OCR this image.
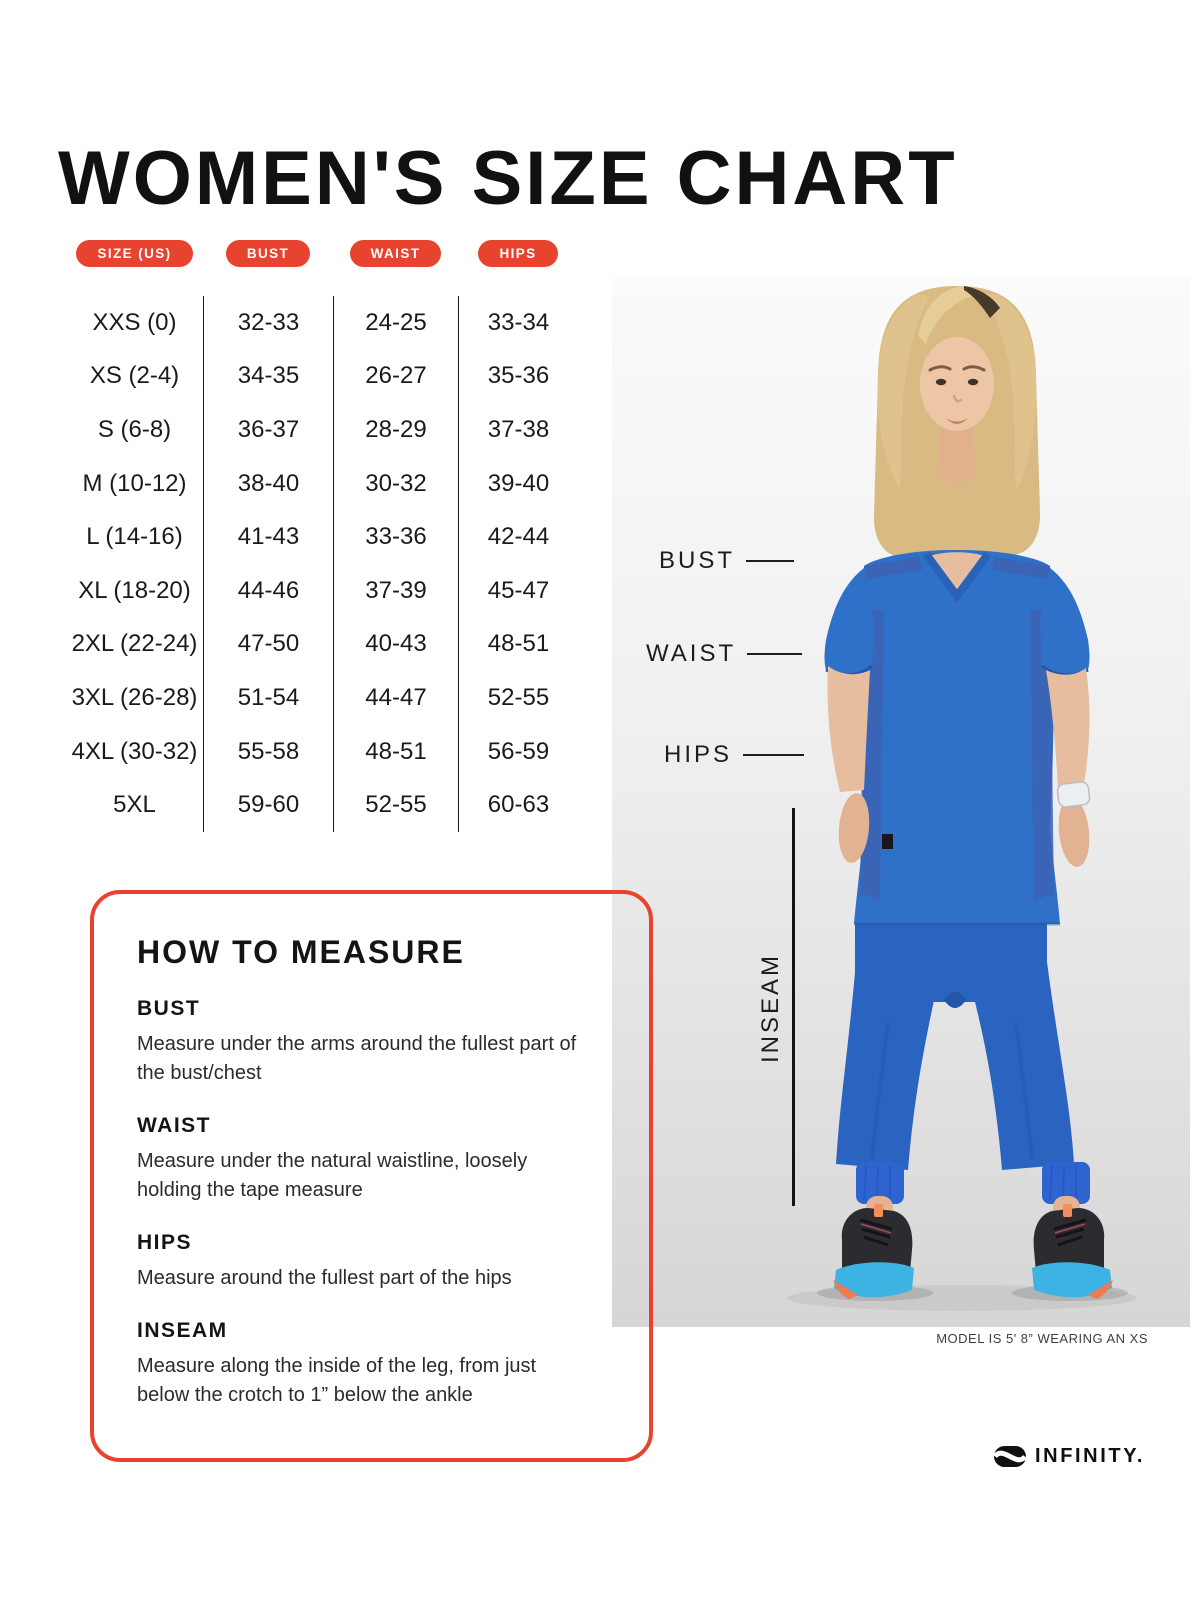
WOMEN'S SIZE CHART
SIZE (US)	BUST	WAIST	HIPS
XXS (0)	32-33	24-25	33-34
XS (2-4)	34-35	26-27	35-36
S (6-8)	36-37	28-29	37-38
M (10-12)	38-40	30-32	39-40
L (14-16)	41-43	33-36	42-44
XL (18-20)	44-46	37-39	45-47
2XL (22-24)	47-50	40-43	48-51
3XL (26-28)	51-54	44-47	52-55
4XL (30-32)	55-58	48-51	56-59
5XL	59-60	52-55	60-63
BUST
WAIST
HIPS
INSEAM
MODEL IS 5' 8” WEARING AN XS
HOW TO MEASURE
BUST

Measure under the arms around the fullest part of the bust/chest

WAIST

Measure under the natural waistline, loosely holding the tape measure

HIPS

Measure around the fullest part of the hips

INSEAM

Measure along the inside of the leg, from just below the crotch to 1” below the ankle

INFINITY.
